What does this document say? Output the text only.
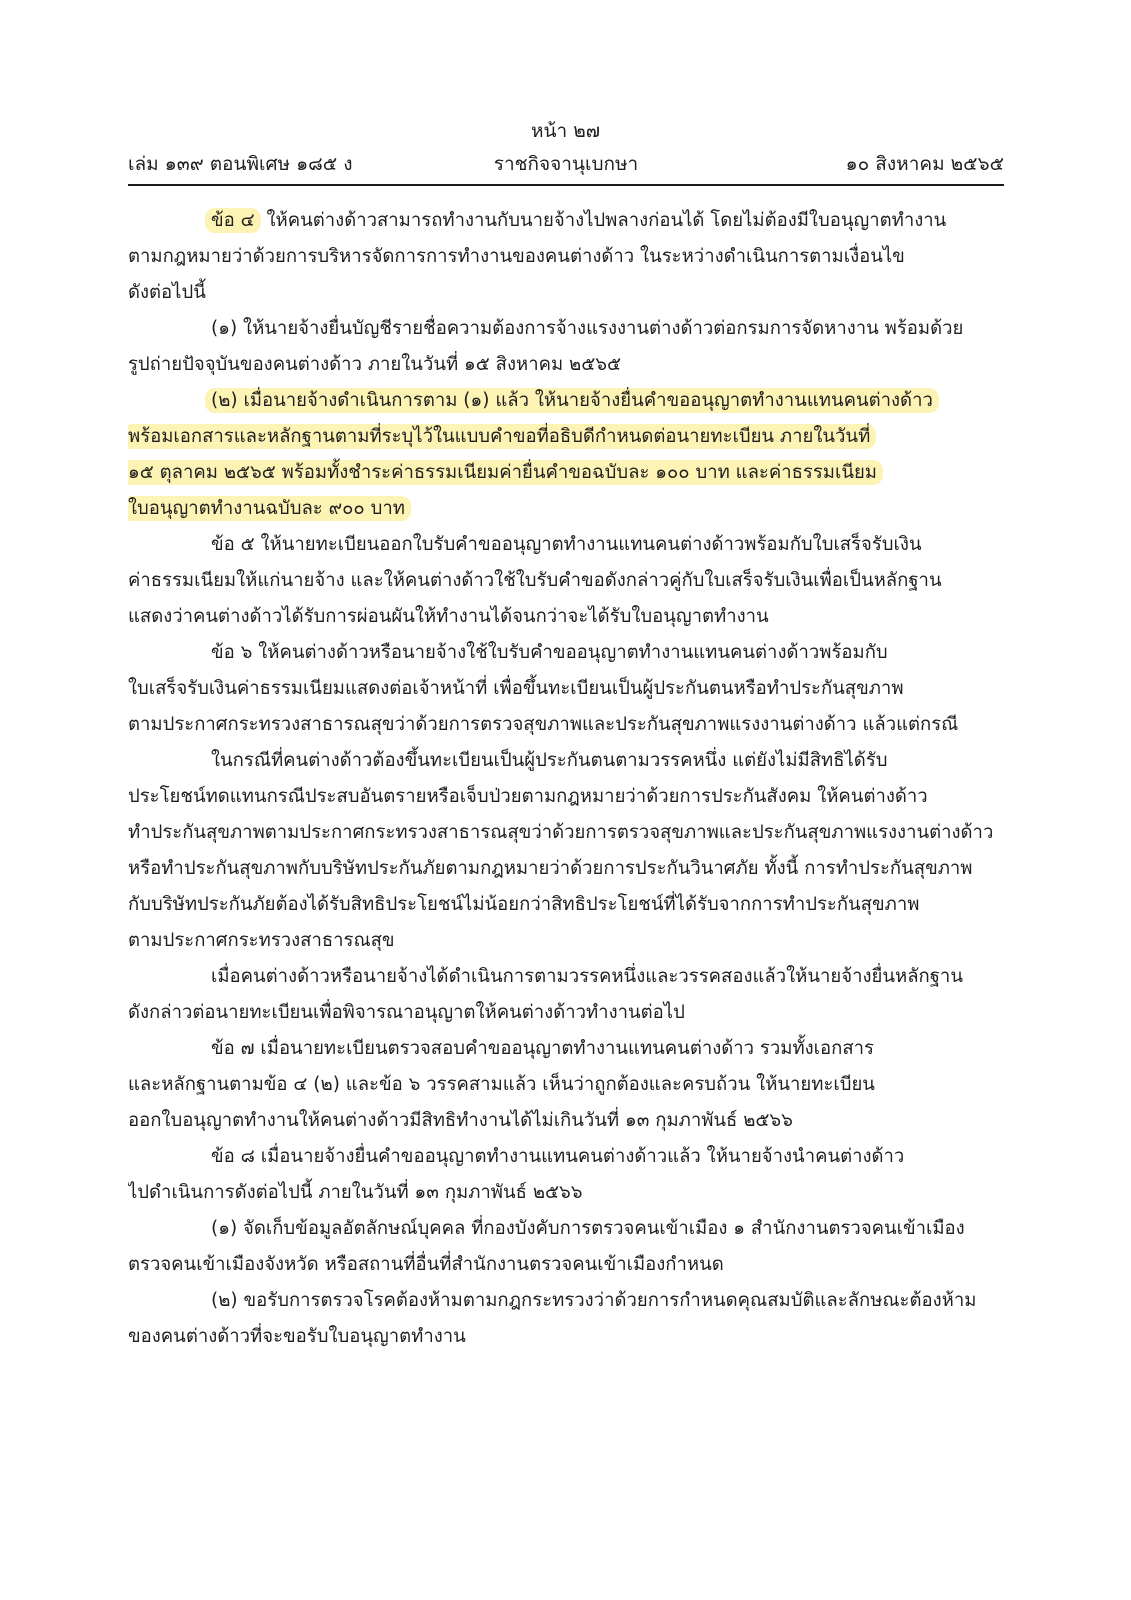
หน้า ๒๗
เล่ม ๑๓๙ ตอนพิเศษ ๑๘๕ ง	ราชกิจจานุเบกษา	๑๐ สิงหาคม ๒๕๖๕
ข้อ ๔ ให้คนต่างด้าวสามารถทำงานกับนายจ้างไปพลางก่อนได้ โดยไม่ต้องมีใบอนุญาตทำงาน
ตามกฎหมายว่าด้วยการบริหารจัดการการทำงานของคนต่างด้าว ในระหว่างดำเนินการตามเงื่อนไข
ดังต่อไปนี้
(๑) ให้นายจ้างยื่นบัญชีรายชื่อความต้องการจ้างแรงงานต่างด้าวต่อกรมการจัดหางาน พร้อมด้วย
รูปถ่ายปัจจุบันของคนต่างด้าว ภายในวันที่ ๑๕ สิงหาคม ๒๕๖๕
(๒) เมื่อนายจ้างดำเนินการตาม (๑) แล้ว ให้นายจ้างยื่นคำขออนุญาตทำงานแทนคนต่างด้าว
พร้อมเอกสารและหลักฐานตามที่ระบุไว้ในแบบคำขอที่อธิบดีกำหนดต่อนายทะเบียน ภายในวันที่
๑๕ ตุลาคม ๒๕๖๕ พร้อมทั้งชำระค่าธรรมเนียมค่ายื่นคำขอฉบับละ ๑๐๐ บาท และค่าธรรมเนียม
ใบอนุญาตทำงานฉบับละ ๙๐๐ บาท
ข้อ ๕ ให้นายทะเบียนออกใบรับคำขออนุญาตทำงานแทนคนต่างด้าวพร้อมกับใบเสร็จรับเงิน
ค่าธรรมเนียมให้แก่นายจ้าง และให้คนต่างด้าวใช้ใบรับคำขอดังกล่าวคู่กับใบเสร็จรับเงินเพื่อเป็นหลักฐาน
แสดงว่าคนต่างด้าวได้รับการผ่อนผันให้ทำงานได้จนกว่าจะได้รับใบอนุญาตทำงาน
ข้อ ๖ ให้คนต่างด้าวหรือนายจ้างใช้ใบรับคำขออนุญาตทำงานแทนคนต่างด้าวพร้อมกับ
ใบเสร็จรับเงินค่าธรรมเนียมแสดงต่อเจ้าหน้าที่ เพื่อขึ้นทะเบียนเป็นผู้ประกันตนหรือทำประกันสุขภาพ
ตามประกาศกระทรวงสาธารณสุขว่าด้วยการตรวจสุขภาพและประกันสุขภาพแรงงานต่างด้าว แล้วแต่กรณี
ในกรณีที่คนต่างด้าวต้องขึ้นทะเบียนเป็นผู้ประกันตนตามวรรคหนึ่ง แต่ยังไม่มีสิทธิได้รับ
ประโยชน์ทดแทนกรณีประสบอันตรายหรือเจ็บป่วยตามกฎหมายว่าด้วยการประกันสังคม ให้คนต่างด้าว
ทำประกันสุขภาพตามประกาศกระทรวงสาธารณสุขว่าด้วยการตรวจสุขภาพและประกันสุขภาพแรงงานต่างด้าว
หรือทำประกันสุขภาพกับบริษัทประกันภัยตามกฎหมายว่าด้วยการประกันวินาศภัย ทั้งนี้ การทำประกันสุขภาพ
กับบริษัทประกันภัยต้องได้รับสิทธิประโยชน์ไม่น้อยกว่าสิทธิประโยชน์ที่ได้รับจากการทำประกันสุขภาพ
ตามประกาศกระทรวงสาธารณสุข
เมื่อคนต่างด้าวหรือนายจ้างได้ดำเนินการตามวรรคหนึ่งและวรรคสองแล้วให้นายจ้างยื่นหลักฐาน
ดังกล่าวต่อนายทะเบียนเพื่อพิจารณาอนุญาตให้คนต่างด้าวทำงานต่อไป
ข้อ ๗ เมื่อนายทะเบียนตรวจสอบคำขออนุญาตทำงานแทนคนต่างด้าว รวมทั้งเอกสาร
และหลักฐานตามข้อ ๔ (๒) และข้อ ๖ วรรคสามแล้ว เห็นว่าถูกต้องและครบถ้วน ให้นายทะเบียน
ออกใบอนุญาตทำงานให้คนต่างด้าวมีสิทธิทำงานได้ไม่เกินวันที่ ๑๓ กุมภาพันธ์ ๒๕๖๖
ข้อ ๘ เมื่อนายจ้างยื่นคำขออนุญาตทำงานแทนคนต่างด้าวแล้ว ให้นายจ้างนำคนต่างด้าว
ไปดำเนินการดังต่อไปนี้ ภายในวันที่ ๑๓ กุมภาพันธ์ ๒๕๖๖
(๑) จัดเก็บข้อมูลอัตลักษณ์บุคคล ที่กองบังคับการตรวจคนเข้าเมือง ๑ สำนักงานตรวจคนเข้าเมือง
ตรวจคนเข้าเมืองจังหวัด หรือสถานที่อื่นที่สำนักงานตรวจคนเข้าเมืองกำหนด
(๒) ขอรับการตรวจโรคต้องห้ามตามกฎกระทรวงว่าด้วยการกำหนดคุณสมบัติและลักษณะต้องห้าม
ของคนต่างด้าวที่จะขอรับใบอนุญาตทำงาน
